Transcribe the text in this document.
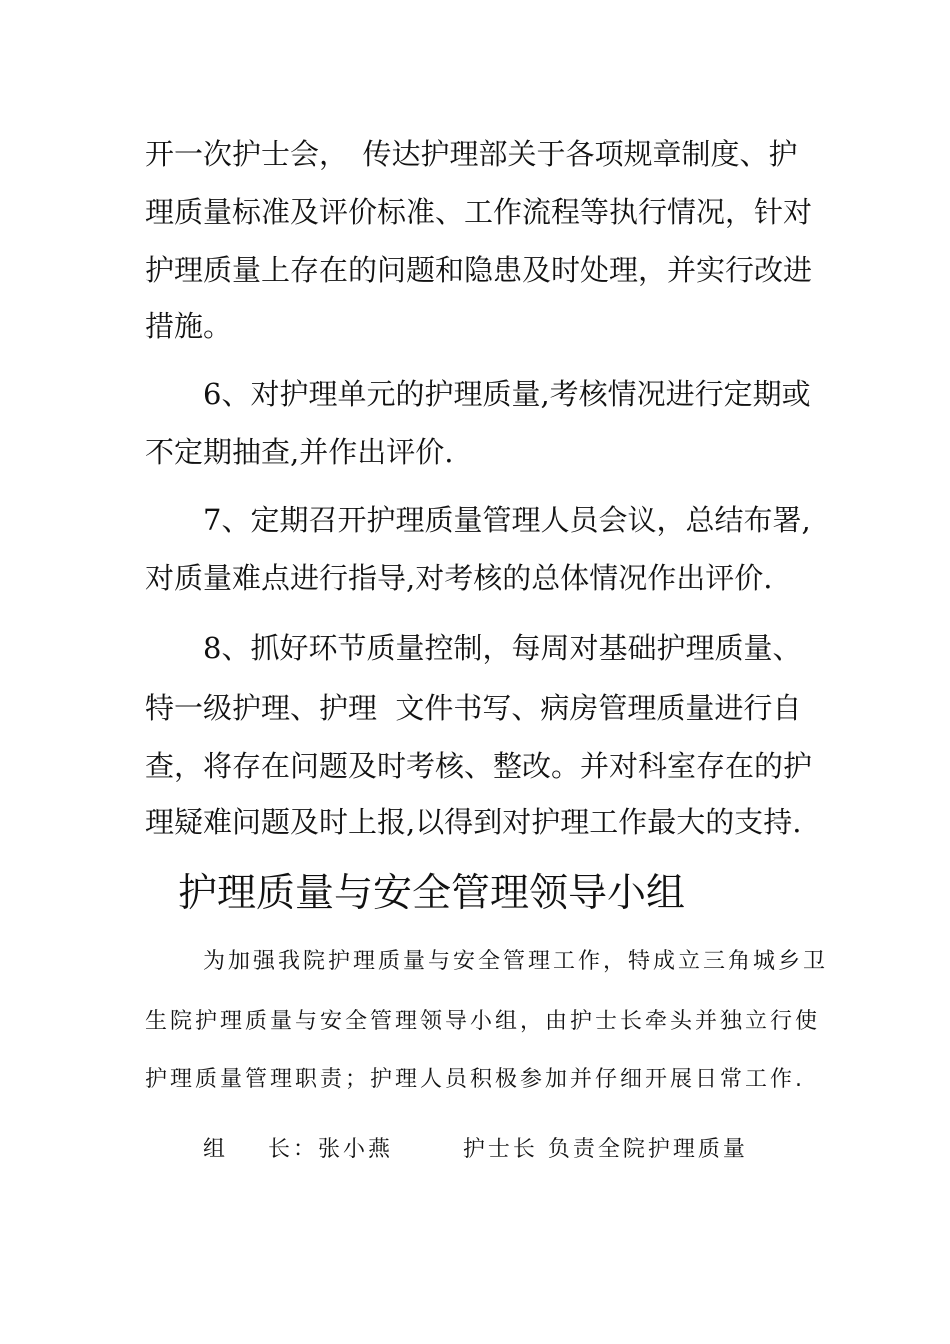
开一次护士会，　传达护理部关于各项规章制度、护
理质量标准及评价标准、工作流程等执行情况，针对
护理质量上存在的问题和隐患及时处理，并实行改进
措施。
6、对护理单元的护理质量,考核情况进行定期或
不定期抽查,并作出评价.
7、定期召开护理质量管理人员会议，总结布署,
对质量难点进行指导,对考核的总体情况作出评价.
8、抓好环节质量控制，每周对基础护理质量、
特一级护理、护理  文件书写、病房管理质量进行自
查，将存在问题及时考核、整改。并对科室存在的护
理疑难问题及时上报,以得到对护理工作最大的支持.
护理质量与安全管理领导小组
为加强我院护理质量与安全管理工作，特成立三角城乡卫
生院护理质量与安全管理领导小组，由护士长牵头并独立行使
护理质量管理职责；护理人员积极参加并仔细开展日常工作.
组    长：张小燕       护士长 负责全院护理质量
